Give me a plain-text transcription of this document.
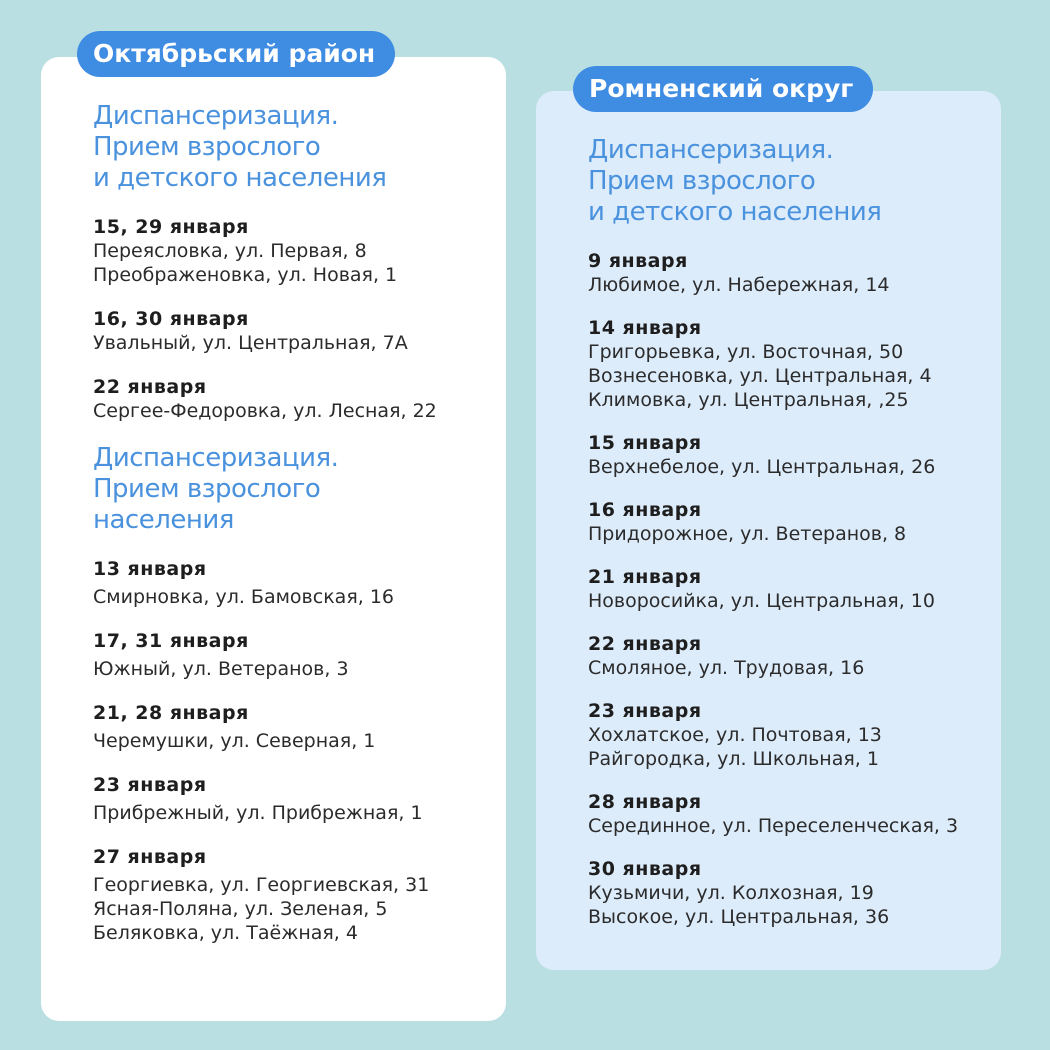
Диспансеризация.
Прием взрослого
и детского населения
15, 29 января
Переясловка, ул. Первая, 8
Преображеновка, ул. Новая, 1
16, 30 января
Увальный, ул. Центральная, 7А
22 января
Сергее-Федоровка, ул. Лесная, 22
Диспансеризация.
Прием взрослого
населения
13 января
Смирновка, ул. Бамовская, 16
17, 31 января
Южный, ул. Ветеранов, 3
21, 28 января
Черемушки, ул. Северная, 1
23 января
Прибрежный, ул. Прибрежная, 1
27 января
Георгиевка, ул. Георгиевская, 31
Ясная-Поляна, ул. Зеленая, 5
Беляковка, ул. Таёжная, 4
Диспансеризация.
Прием взрослого
и детского населения
9 января
Любимое, ул. Набережная, 14
14 января
Григорьевка, ул. Восточная, 50
Вознесеновка, ул. Центральная, 4
Климовка, ул. Центральная, ,25
15 января
Верхнебелое, ул. Центральная, 26
16 января
Придорожное, ул. Ветеранов, 8
21 января
Новоросийка, ул. Центральная, 10
22 января
Смоляное, ул. Трудовая, 16
23 января
Хохлатское, ул. Почтовая, 13
Райгородка, ул. Школьная, 1
28 января
Серединное, ул. Переселенческая, 3
30 января
Кузьмичи, ул. Колхозная, 19
Высокое, ул. Центральная, 36
Октябрьский район
Ромненский округ
